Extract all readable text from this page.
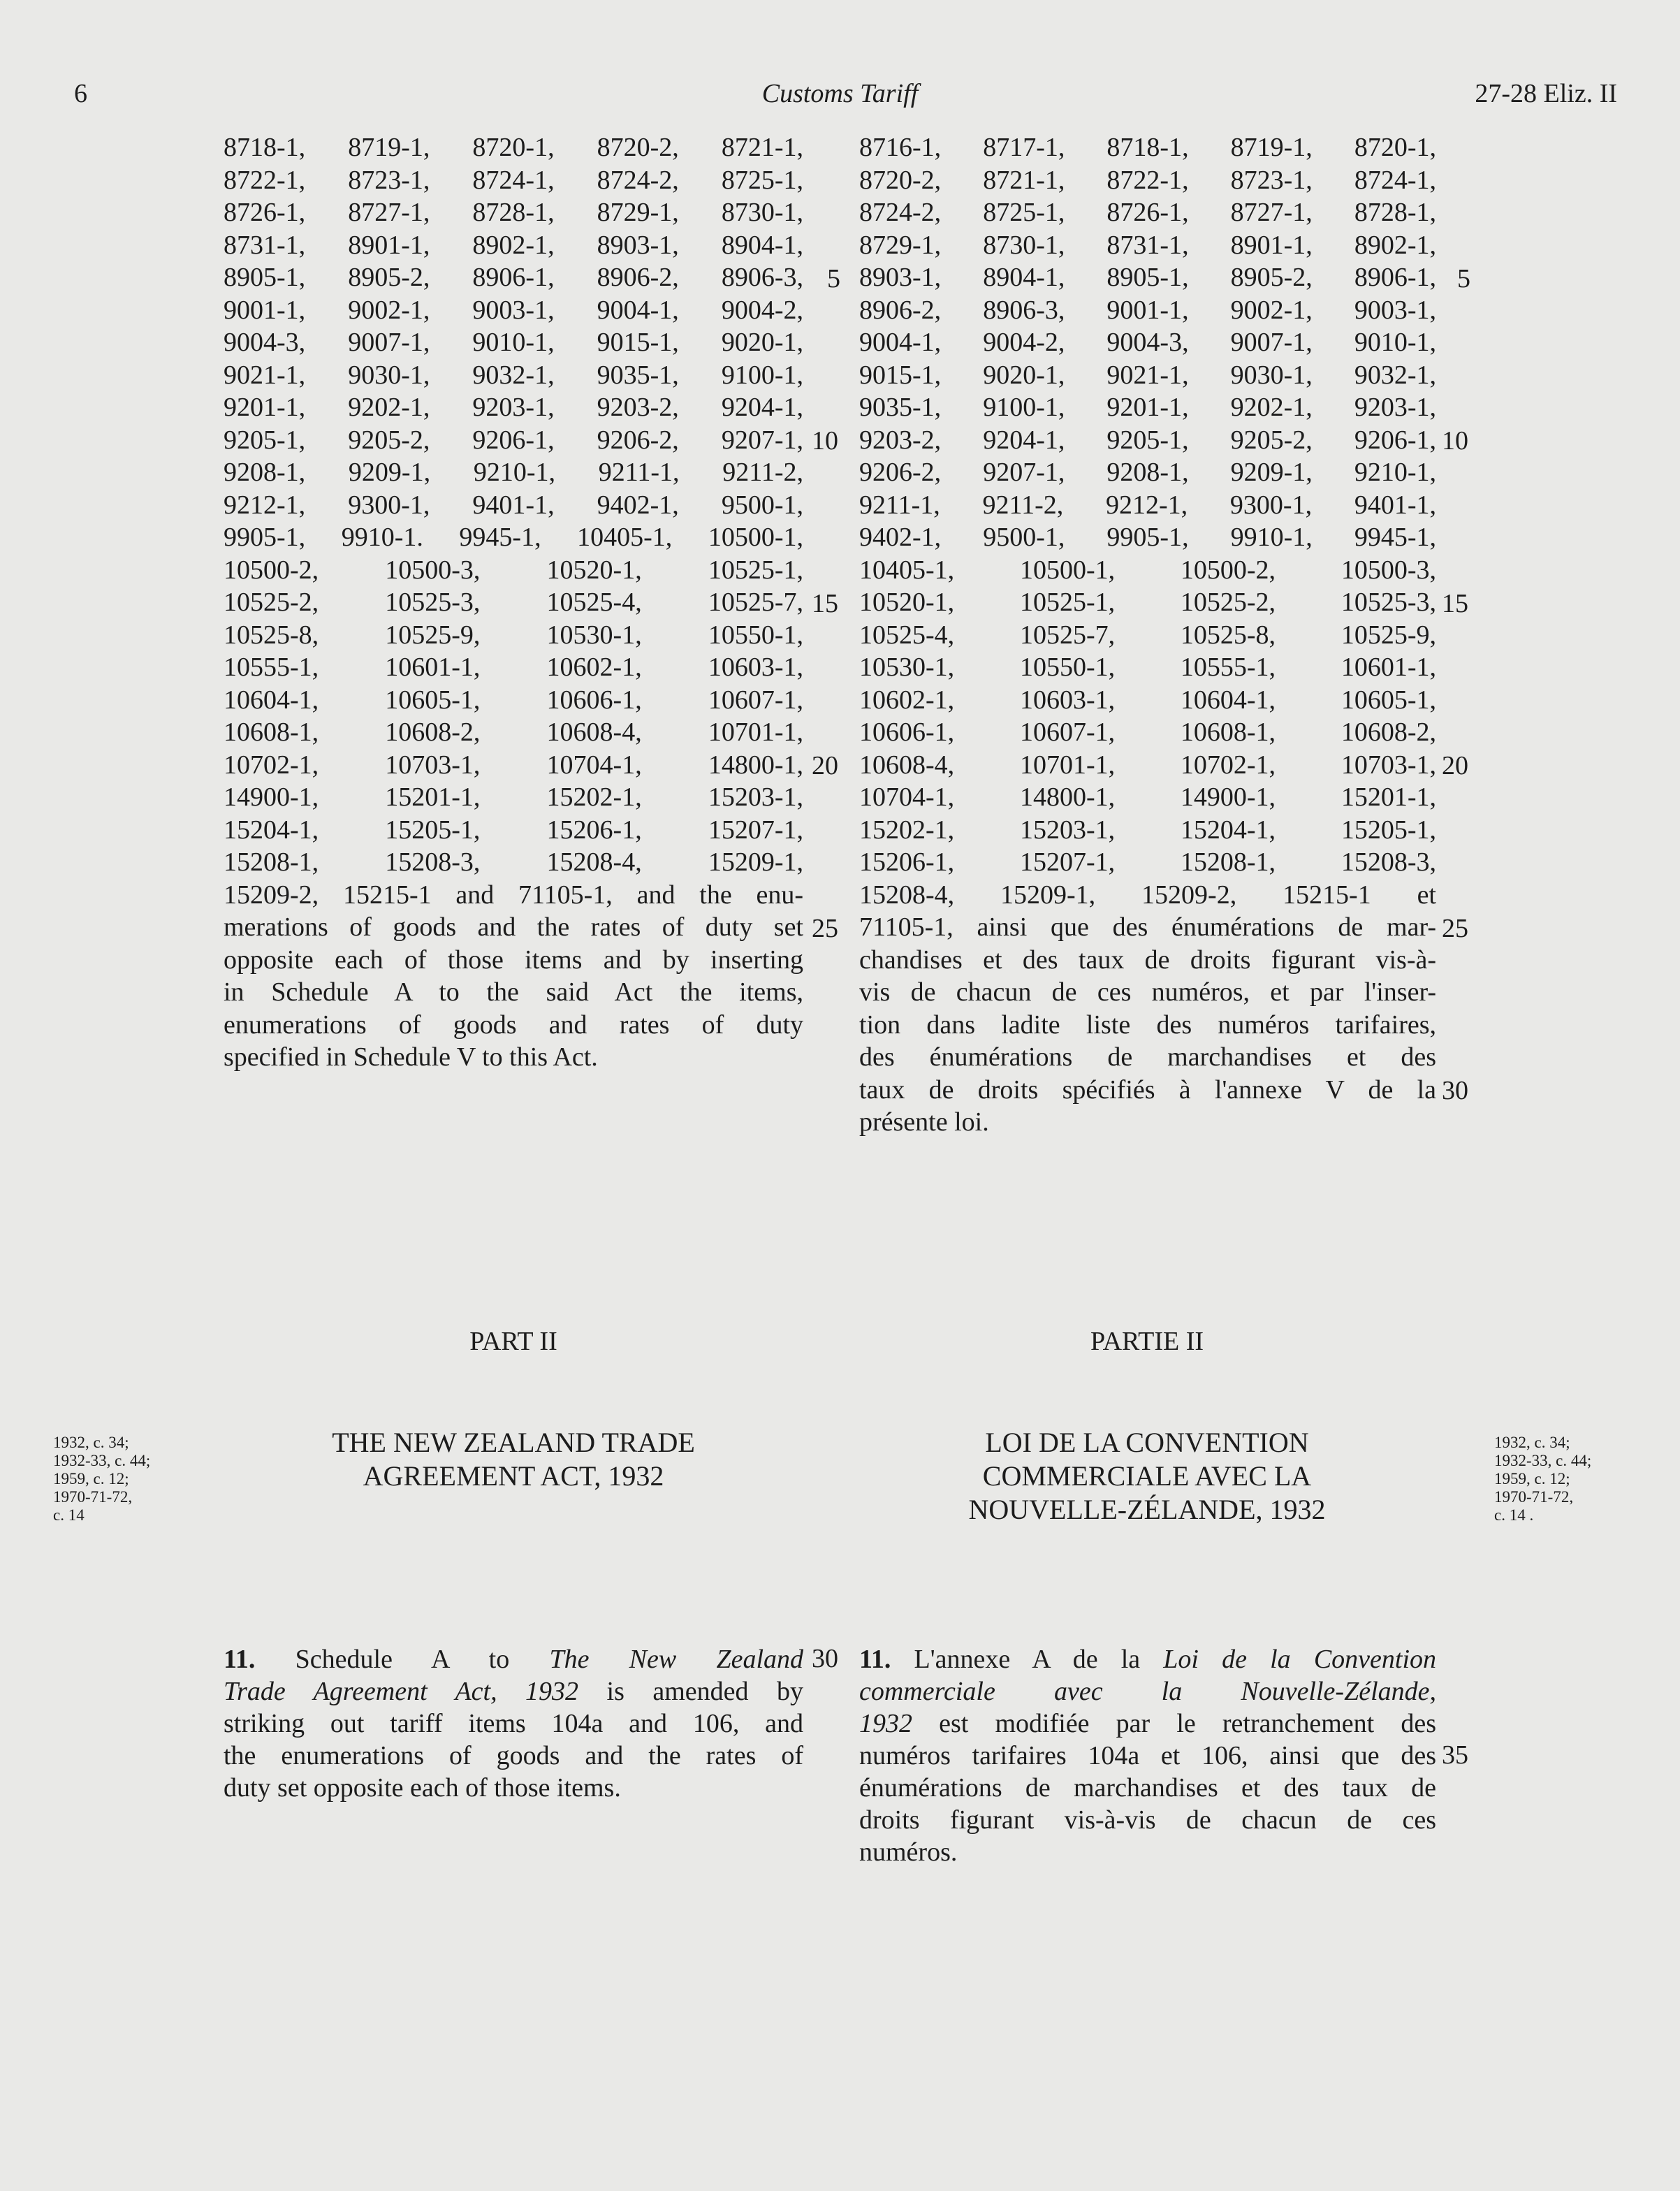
6	Customs Tariff	27-28 Eliz. II
8718-1, 8719-1, 8720-1, 8720-2, 8721-1,
8722-1, 8723-1, 8724-1, 8724-2, 8725-1,
8726-1, 8727-1, 8728-1, 8729-1, 8730-1,
8731-1, 8901-1, 8902-1, 8903-1, 8904-1,
8905-1, 8905-2, 8906-1, 8906-2, 8906-3,
9001-1, 9002-1, 9003-1, 9004-1, 9004-2,
9004-3, 9007-1, 9010-1, 9015-1, 9020-1,
9021-1, 9030-1, 9032-1, 9035-1, 9100-1,
9201-1, 9202-1, 9203-1, 9203-2, 9204-1,
9205-1, 9205-2, 9206-1, 9206-2, 9207-1,
9208-1, 9209-1, 9210-1, 9211-1, 9211-2,
9212-1, 9300-1, 9401-1, 9402-1, 9500-1,
9905-1, 9910-1. 9945-1, 10405-1, 10500-1,
10500-2, 10500-3, 10520-1, 10525-1,
10525-2, 10525-3, 10525-4, 10525-7,
10525-8, 10525-9, 10530-1, 10550-1,
10555-1, 10601-1, 10602-1, 10603-1,
10604-1, 10605-1, 10606-1, 10607-1,
10608-1, 10608-2, 10608-4, 10701-1,
10702-1, 10703-1, 10704-1, 14800-1,
14900-1, 15201-1, 15202-1, 15203-1,
15204-1, 15205-1, 15206-1, 15207-1,
15208-1, 15208-3, 15208-4, 15209-1,
15209-2, 15215-1 and 71105-1, and the enu-
merations of goods and the rates of duty set
opposite each of those items and by inserting
in Schedule A to the said Act the items,
enumerations of goods and rates of duty
specified in Schedule V to this Act.
8716-1, 8717-1, 8718-1, 8719-1, 8720-1,
8720-2, 8721-1, 8722-1, 8723-1, 8724-1,
8724-2, 8725-1, 8726-1, 8727-1, 8728-1,
8729-1, 8730-1, 8731-1, 8901-1, 8902-1,
8903-1, 8904-1, 8905-1, 8905-2, 8906-1,
8906-2, 8906-3, 9001-1, 9002-1, 9003-1,
9004-1, 9004-2, 9004-3, 9007-1, 9010-1,
9015-1, 9020-1, 9021-1, 9030-1, 9032-1,
9035-1, 9100-1, 9201-1, 9202-1, 9203-1,
9203-2, 9204-1, 9205-1, 9205-2, 9206-1,
9206-2, 9207-1, 9208-1, 9209-1, 9210-1,
9211-1, 9211-2, 9212-1, 9300-1, 9401-1,
9402-1, 9500-1, 9905-1, 9910-1, 9945-1,
10405-1, 10500-1, 10500-2, 10500-3,
10520-1, 10525-1, 10525-2, 10525-3,
10525-4, 10525-7, 10525-8, 10525-9,
10530-1, 10550-1, 10555-1, 10601-1,
10602-1, 10603-1, 10604-1, 10605-1,
10606-1, 10607-1, 10608-1, 10608-2,
10608-4, 10701-1, 10702-1, 10703-1,
10704-1, 14800-1, 14900-1, 15201-1,
15202-1, 15203-1, 15204-1, 15205-1,
15206-1, 15207-1, 15208-1, 15208-3,
15208-4, 15209-1, 15209-2, 15215-1 et
71105-1, ainsi que des énumérations de mar-
chandises et des taux de droits figurant vis-à-
vis de chacun de ces numéros, et par l'inser-
tion dans ladite liste des numéros tarifaires,
des énumérations de marchandises et des
taux de droits spécifiés à l'annexe V de la
présente loi.
5
10
15
20
25
5
10
15
20
25
30
PART II	PARTIE II
THE NEW ZEALAND TRADE
AGREEMENT ACT, 1932
LOI DE LA CONVENTION
COMMERCIALE AVEC LA
NOUVELLE-ZÉLANDE, 1932
1932, c. 34;
1932-33, c. 44;
1959, c. 12;
1970-71-72,
c. 14
1932, c. 34;
1932-33, c. 44;
1959, c. 12;
1970-71-72,
c. 14 .
11. Schedule A to The New Zealand
Trade Agreement Act, 1932 is amended by
striking out tariff items 104a and 106, and
the enumerations of goods and the rates of
duty set opposite each of those items.
30 11. L'annexe A de la Loi de la Convention
commerciale avec la Nouvelle-Zélande,
1932 est modifiée par le retranchement des
numéros tarifaires 104a et 106, ainsi que des
énumérations de marchandises et des taux de
droits figurant vis-à-vis de chacun de ces
numéros.
35
